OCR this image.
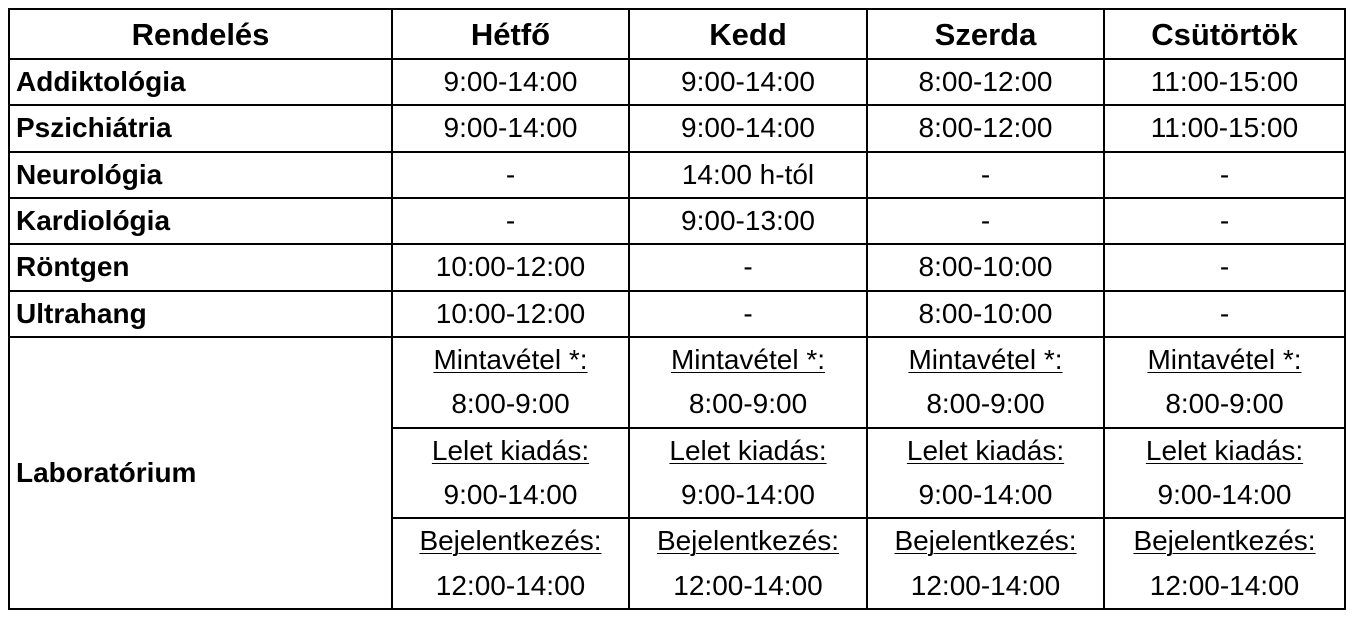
Rendelés	Hétfő	Kedd	Szerda	Csütörtök
Addiktológia	9:00-14:00	9:00-14:00	8:00-12:00	11:00-15:00
Pszichiátria	9:00-14:00	9:00-14:00	8:00-12:00	11:00-15:00
Neurológia	-	14:00 h-tól	-	-
Kardiológia	-	9:00-13:00	-	-
Röntgen	10:00-12:00	-	8:00-10:00	-
Ultrahang	10:00-12:00	-	8:00-10:00	-
Laboratórium	Mintavétel *:	Mintavétel *:	Mintavétel *:	Mintavétel *:
	8:00-9:00	8:00-9:00	8:00-9:00	8:00-9:00
	Lelet kiadás:	Lelet kiadás:	Lelet kiadás:	Lelet kiadás:
	9:00-14:00	9:00-14:00	9:00-14:00	9:00-14:00
	Bejelentkezés:	Bejelentkezés:	Bejelentkezés:	Bejelentkezés:
	12:00-14:00	12:00-14:00	12:00-14:00	12:00-14:00
